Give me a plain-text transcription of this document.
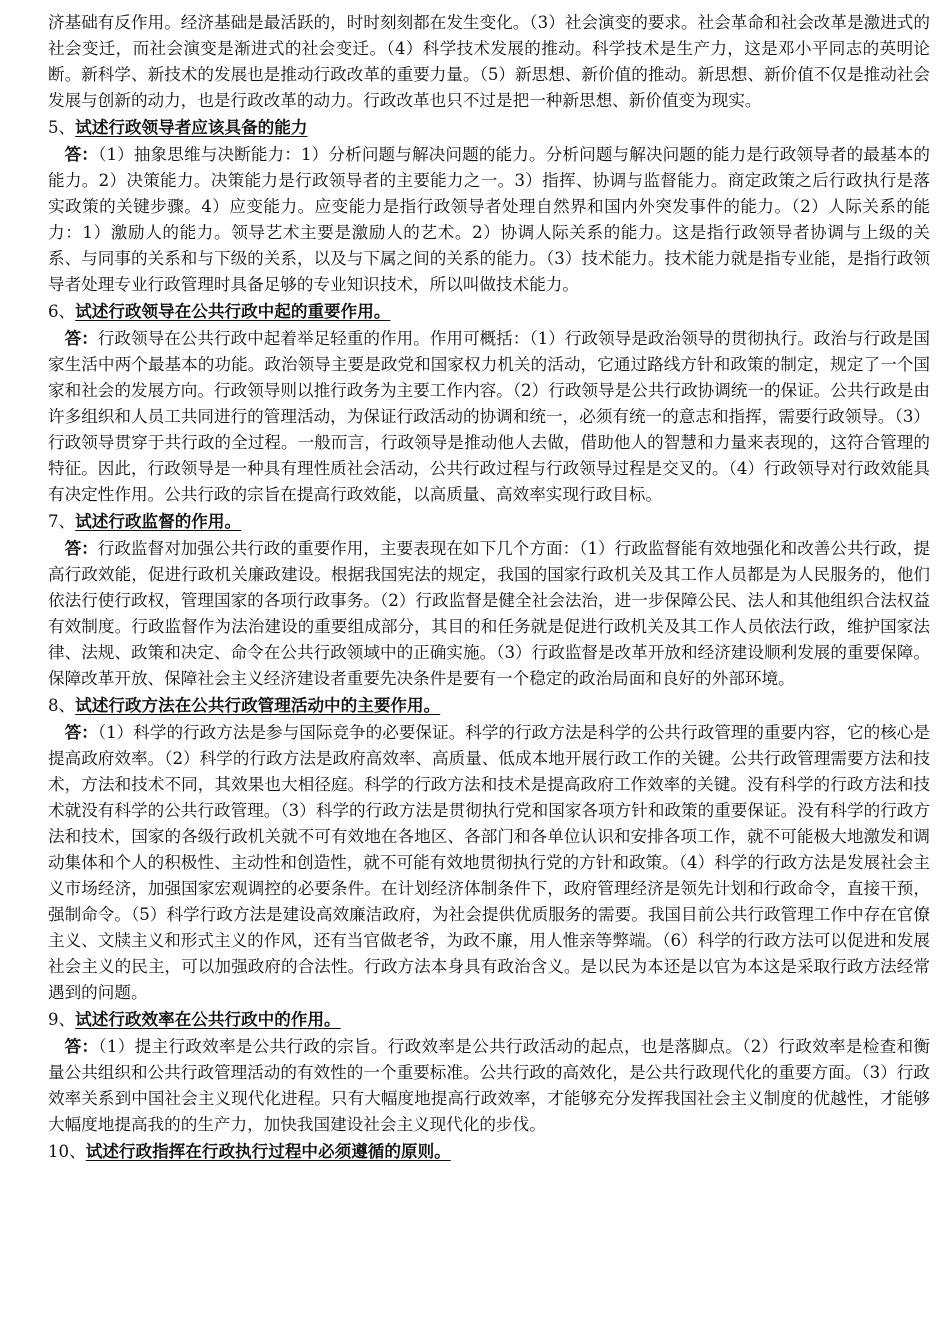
济基础有反作用。经济基础是最活跃的，时时刻刻都在发生变化。（3）社会演变的要求。社会革命和社会改革是激进式的社会变迁，而社会演变是渐进式的社会变迁。（4）科学技术发展的推动。科学技术是生产力，这是邓小平同志的英明论断。新科学、新技术的发展也是推动行政改革的重要力量。（5）新思想、新价值的推动。新思想、新价值不仅是推动社会发展与创新的动力，也是行政改革的动力。行政改革也只不过是把一种新思想、新价值变为现实。

5、试述行政领导者应该具备的能力

答：（1）抽象思维与决断能力：1）分析问题与解决问题的能力。分析问题与解决问题的能力是行政领导者的最基本的能力。2）决策能力。决策能力是行政领导者的主要能力之一。3）指挥、协调与监督能力。商定政策之后行政执行是落实政策的关键步骤。4）应变能力。应变能力是指行政领导者处理自然界和国内外突发事件的能力。（2）人际关系的能力：1）激励人的能力。领导艺术主要是激励人的艺术。2）协调人际关系的能力。这是指行政领导者协调与上级的关系、与同事的关系和与下级的关系，以及与下属之间的关系的能力。（3）技术能力。技术能力就是指专业能，是指行政领导者处理专业行政管理时具备足够的专业知识技术，所以叫做技术能力。

6、试述行政领导在公共行政中起的重要作用。

答：行政领导在公共行政中起着举足轻重的作用。作用可概括：（1）行政领导是政治领导的贯彻执行。政治与行政是国家生活中两个最基本的功能。政治领导主要是政党和国家权力机关的活动，它通过路线方针和政策的制定，规定了一个国家和社会的发展方向。行政领导则以推行政务为主要工作内容。（2）行政领导是公共行政协调统一的保证。公共行政是由许多组织和人员工共同进行的管理活动，为保证行政活动的协调和统一，必须有统一的意志和指挥，需要行政领导。（3）行政领导贯穿于共行政的全过程。一般而言，行政领导是推动他人去做，借助他人的智慧和力量来表现的，这符合管理的特征。因此，行政领导是一种具有理性质社会活动，公共行政过程与行政领导过程是交叉的。（4）行政领导对行政效能具有决定性作用。公共行政的宗旨在提高行政效能，以高质量、高效率实现行政目标。

7、试述行政监督的作用。

答：行政监督对加强公共行政的重要作用，主要表现在如下几个方面：（1）行政监督能有效地强化和改善公共行政，提高行政效能，促进行政机关廉政建设。根据我国宪法的规定，我国的国家行政机关及其工作人员都是为人民服务的，他们依法行使行政权，管理国家的各项行政事务。（2）行政监督是健全社会法治，进一步保障公民、法人和其他组织合法权益有效制度。行政监督作为法治建设的重要组成部分，其目的和任务就是促进行政机关及其工作人员依法行政，维护国家法律、法规、政策和决定、命令在公共行政领域中的正确实施。（3）行政监督是改革开放和经济建设顺利发展的重要保障。保障改革开放、保障社会主义经济建设者重要先决条件是要有一个稳定的政治局面和良好的外部环境。

8、试述行政方法在公共行政管理活动中的主要作用。

答：（1）科学的行政方法是参与国际竞争的必要保证。科学的行政方法是科学的公共行政管理的重要内容，它的核心是提高政府效率。（2）科学的行政方法是政府高效率、高质量、低成本地开展行政工作的关键。公共行政管理需要方法和技术，方法和技术不同，其效果也大相径庭。科学的行政方法和技术是提高政府工作效率的关键。没有科学的行政方法和技术就没有科学的公共行政管理。（3）科学的行政方法是贯彻执行党和国家各项方针和政策的重要保证。没有科学的行政方法和技术，国家的各级行政机关就不可有效地在各地区、各部门和各单位认识和安排各项工作，就不可能极大地激发和调动集体和个人的积极性、主动性和创造性，就不可能有效地贯彻执行党的方针和政策。（4）科学的行政方法是发展社会主义市场经济，加强国家宏观调控的必要条件。在计划经济体制条件下，政府管理经济是领先计划和行政命令，直接干预，强制命令。（5）科学行政方法是建设高效廉洁政府，为社会提供优质服务的需要。我国目前公共行政管理工作中存在官僚主义、文牍主义和形式主义的作风，还有当官做老爷，为政不廉，用人惟亲等弊端。（6）科学的行政方法可以促进和发展社会主义的民主，可以加强政府的合法性。行政方法本身具有政治含义。是以民为本还是以官为本这是采取行政方法经常遇到的问题。

9、试述行政效率在公共行政中的作用。

答：（1）提主行政效率是公共行政的宗旨。行政效率是公共行政活动的起点，也是落脚点。（2）行政效率是检查和衡量公共组织和公共行政管理活动的有效性的一个重要标准。公共行政的高效化，是公共行政现代化的重要方面。（3）行政效率关系到中国社会主义现代化进程。只有大幅度地提高行政效率，才能够充分发挥我国社会主义制度的优越性，才能够大幅度地提高我的的生产力，加快我国建设社会主义现代化的步伐。

10、试述行政指挥在行政执行过程中必须遵循的原则。
